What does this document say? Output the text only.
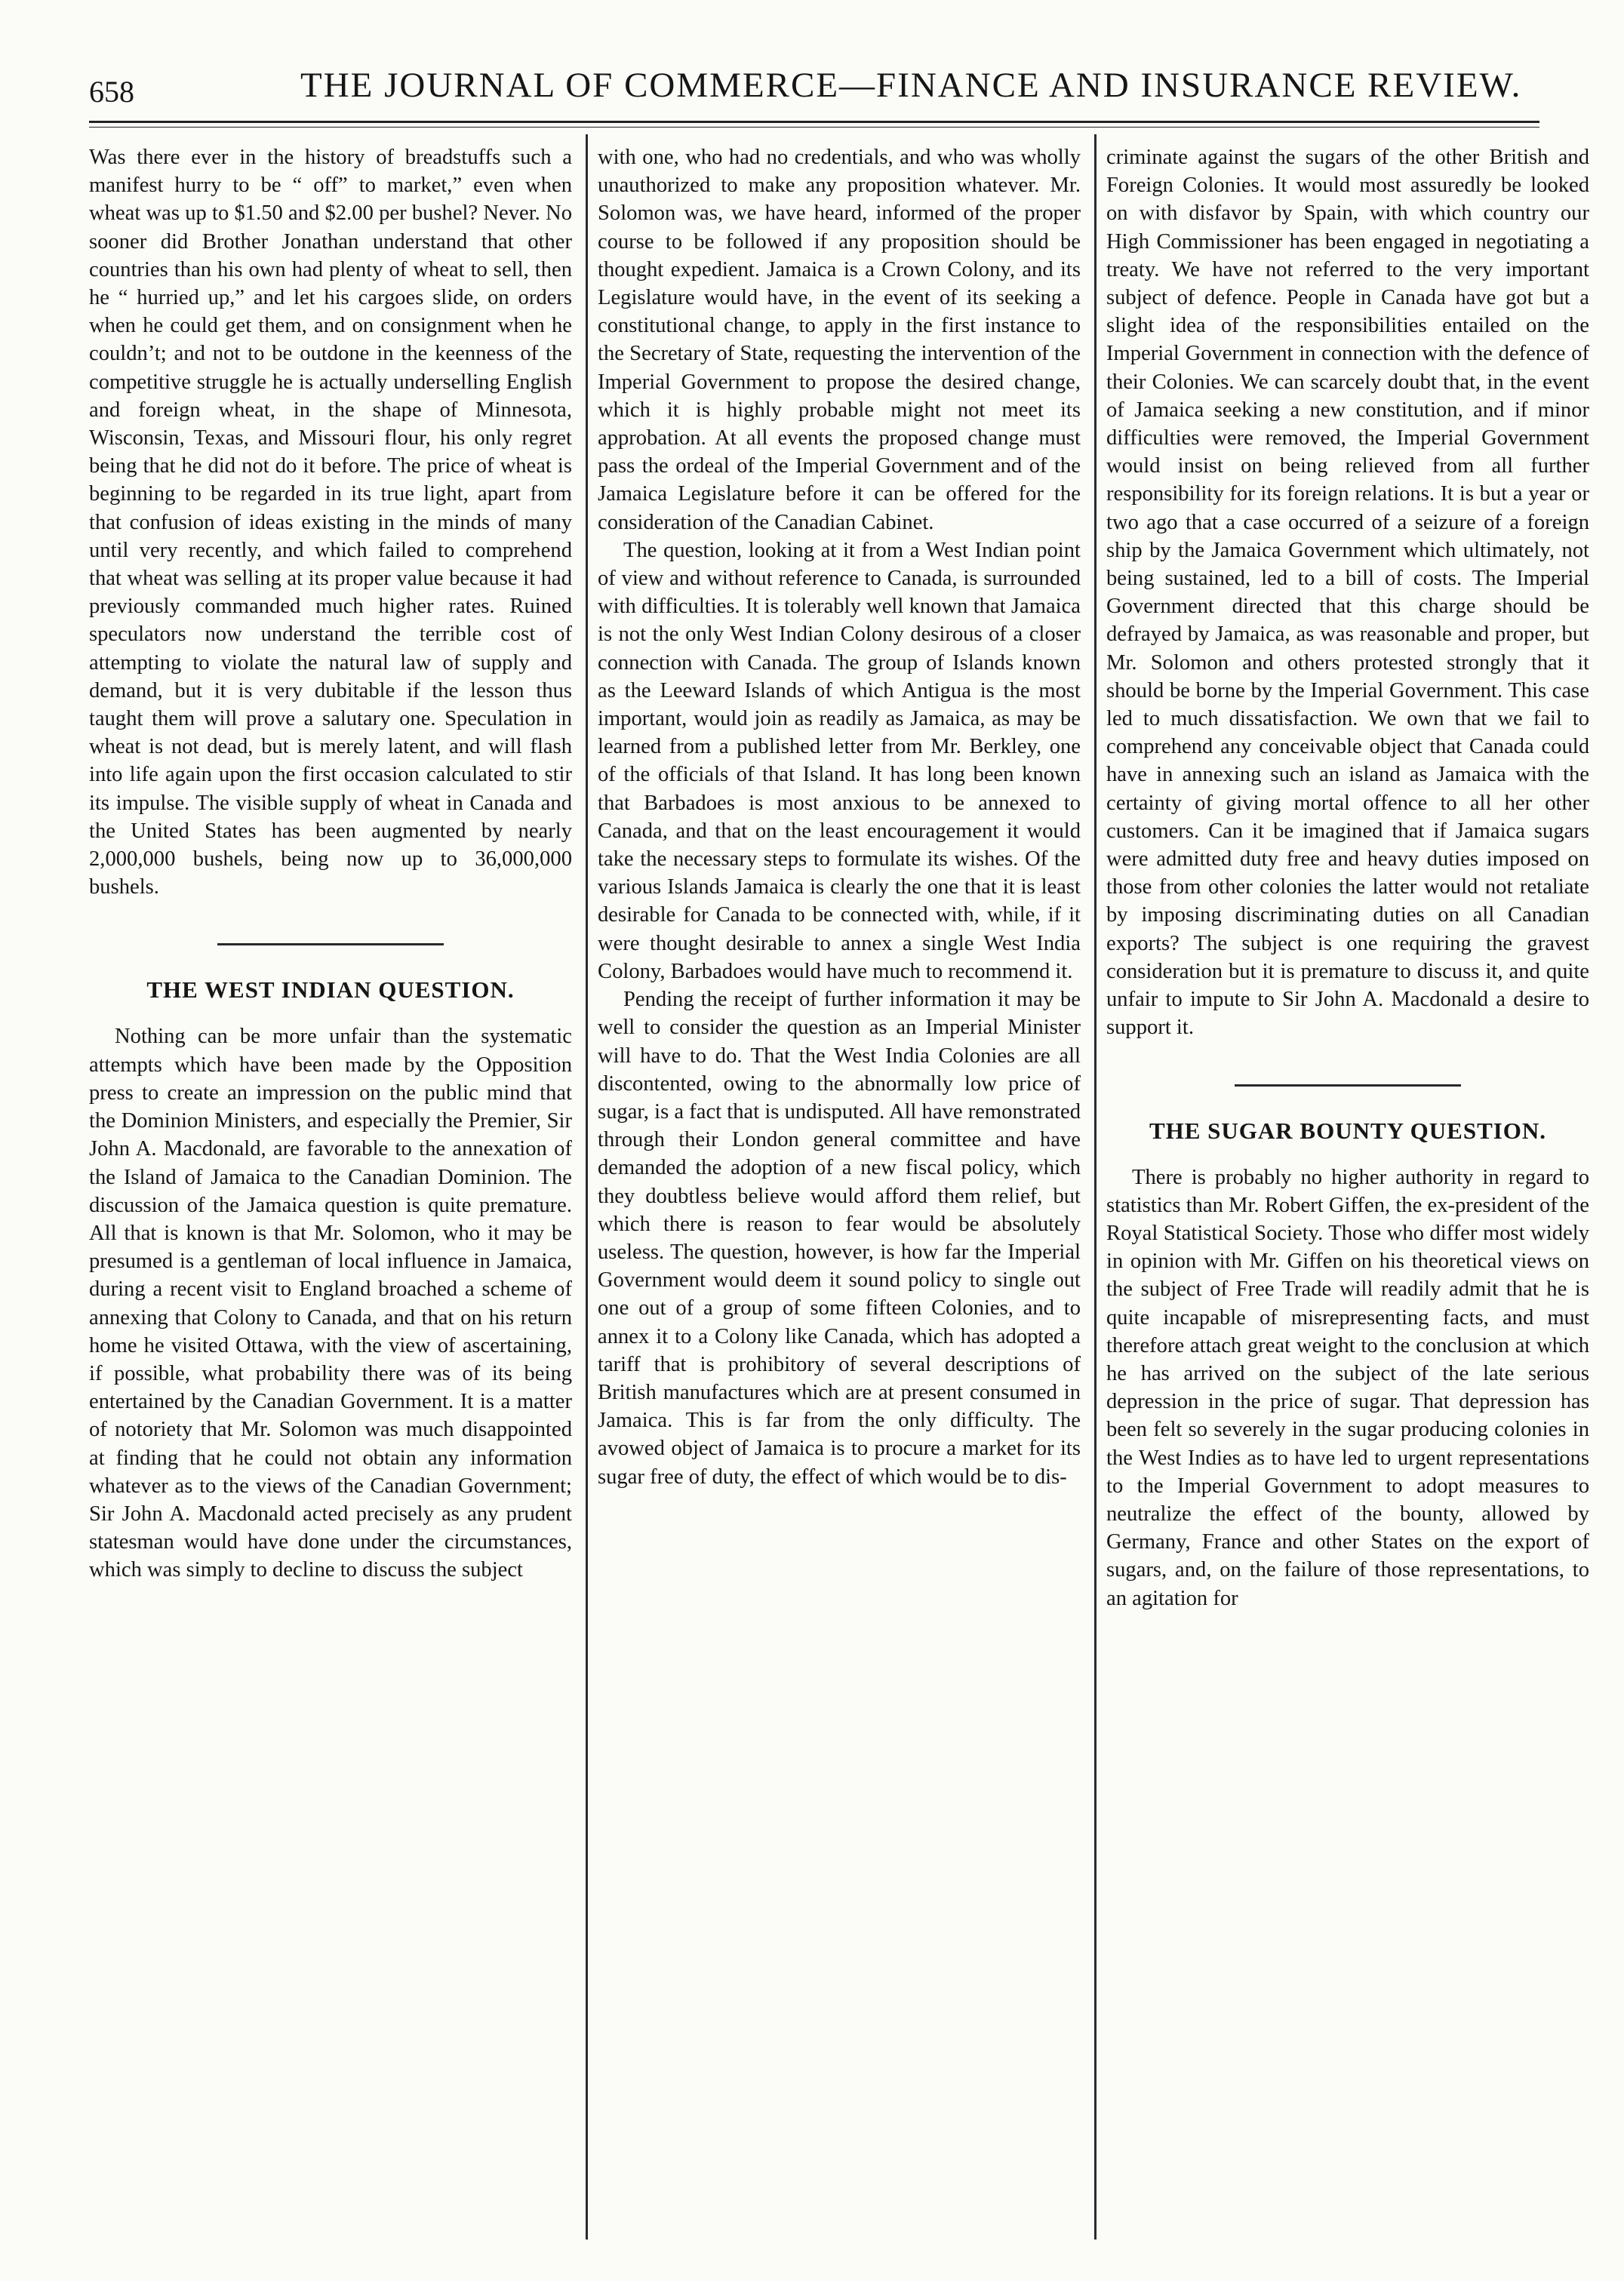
658	THE JOURNAL OF COMMERCE—FINANCE AND INSURANCE REVIEW.

Was there ever in the history of breadstuffs such a manifest hurry to be “ off” to market,” even when wheat was up to $1.50 and $2.00 per bushel? Never. No sooner did Brother Jonathan understand that other countries than his own had plenty of wheat to sell, then he “ hurried up,” and let his cargoes slide, on orders when he could get them, and on consignment when he couldn’t; and not to be outdone in the keenness of the competitive struggle he is actually underselling English and foreign wheat, in the shape of Minnesota, Wisconsin, Texas, and Missouri flour, his only regret being that he did not do it before. The price of wheat is beginning to be regarded in its true light, apart from that confusion of ideas existing in the minds of many until very recently, and which failed to comprehend that wheat was selling at its proper value because it had previously commanded much higher rates. Ruined speculators now understand the terrible cost of attempting to violate the natural law of supply and demand, but it is very dubitable if the lesson thus taught them will prove a salutary one. Speculation in wheat is not dead, but is merely latent, and will flash into life again upon the first occasion calculated to stir its impulse. The visible supply of wheat in Canada and the United States has been augmented by nearly 2,000,000 bushels, being now up to 36,000,000 bushels.

THE WEST INDIAN QUESTION.

Nothing can be more unfair than the systematic attempts which have been made by the Opposition press to create an impression on the public mind that the Dominion Ministers, and especially the Premier, Sir John A. Macdonald, are favorable to the annexation of the Island of Jamaica to the Canadian Dominion. The discussion of the Jamaica question is quite premature. All that is known is that Mr. Solomon, who it may be presumed is a gentleman of local influence in Jamaica, during a recent visit to England broached a scheme of annexing that Colony to Canada, and that on his return home he visited Ottawa, with the view of ascertaining, if possible, what probability there was of its being entertained by the Canadian Government. It is a matter of notoriety that Mr. Solomon was much disappointed at finding that he could not obtain any information whatever as to the views of the Canadian Government; Sir John A. Macdonald acted precisely as any prudent statesman would have done under the circumstances, which was simply to decline to discuss the subject

with one, who had no credentials, and who was wholly unauthorized to make any proposition whatever. Mr. Solomon was, we have heard, informed of the proper course to be followed if any proposition should be thought expedient. Jamaica is a Crown Colony, and its Legislature would have, in the event of its seeking a constitutional change, to apply in the first instance to the Secretary of State, requesting the intervention of the Imperial Government to propose the desired change, which it is highly probable might not meet its approbation. At all events the proposed change must pass the ordeal of the Imperial Government and of the Jamaica Legislature before it can be offered for the consideration of the Canadian Cabinet.

The question, looking at it from a West Indian point of view and without reference to Canada, is surrounded with difficulties. It is tolerably well known that Jamaica is not the only West Indian Colony desirous of a closer connection with Canada. The group of Islands known as the Leeward Islands of which Antigua is the most important, would join as readily as Jamaica, as may be learned from a published letter from Mr. Berkley, one of the officials of that Island. It has long been known that Barbadoes is most anxious to be annexed to Canada, and that on the least encouragement it would take the necessary steps to formulate its wishes. Of the various Islands Jamaica is clearly the one that it is least desirable for Canada to be connected with, while, if it were thought desirable to annex a single West India Colony, Barbadoes would have much to recommend it.

Pending the receipt of further information it may be well to consider the question as an Imperial Minister will have to do. That the West India Colonies are all discontented, owing to the abnormally low price of sugar, is a fact that is undisputed. All have remonstrated through their London general committee and have demanded the adoption of a new fiscal policy, which they doubtless believe would afford them relief, but which there is reason to fear would be absolutely useless. The question, however, is how far the Imperial Government would deem it sound policy to single out one out of a group of some fifteen Colonies, and to annex it to a Colony like Canada, which has adopted a tariff that is prohibitory of several descriptions of British manufactures which are at present consumed in Jamaica. This is far from the only difficulty. The avowed object of Jamaica is to procure a market for its sugar free of duty, the effect of which would be to dis-

criminate against the sugars of the other British and Foreign Colonies. It would most assuredly be looked on with disfavor by Spain, with which country our High Commissioner has been engaged in negotiating a treaty. We have not referred to the very important subject of defence. People in Canada have got but a slight idea of the responsibilities entailed on the Imperial Government in connection with the defence of their Colonies. We can scarcely doubt that, in the event of Jamaica seeking a new constitution, and if minor difficulties were removed, the Imperial Government would insist on being relieved from all further responsibility for its foreign relations. It is but a year or two ago that a case occurred of a seizure of a foreign ship by the Jamaica Government which ultimately, not being sustained, led to a bill of costs. The Imperial Government directed that this charge should be defrayed by Jamaica, as was reasonable and proper, but Mr. Solomon and others protested strongly that it should be borne by the Imperial Government. This case led to much dissatisfaction. We own that we fail to comprehend any conceivable object that Canada could have in annexing such an island as Jamaica with the certainty of giving mortal offence to all her other customers. Can it be imagined that if Jamaica sugars were admitted duty free and heavy duties imposed on those from other colonies the latter would not retaliate by imposing discriminating duties on all Canadian exports? The subject is one requiring the gravest consideration but it is premature to discuss it, and quite unfair to impute to Sir John A. Macdonald a desire to support it.

THE SUGAR BOUNTY QUESTION.

There is probably no higher authority in regard to statistics than Mr. Robert Giffen, the ex-president of the Royal Statistical Society. Those who differ most widely in opinion with Mr. Giffen on his theoretical views on the subject of Free Trade will readily admit that he is quite incapable of misrepresenting facts, and must therefore attach great weight to the conclusion at which he has arrived on the subject of the late serious depression in the price of sugar. That depression has been felt so severely in the sugar producing colonies in the West Indies as to have led to urgent representations to the Imperial Government to adopt measures to neutralize the effect of the bounty, allowed by Germany, France and other States on the export of sugars, and, on the failure of those representations, to an agitation for
